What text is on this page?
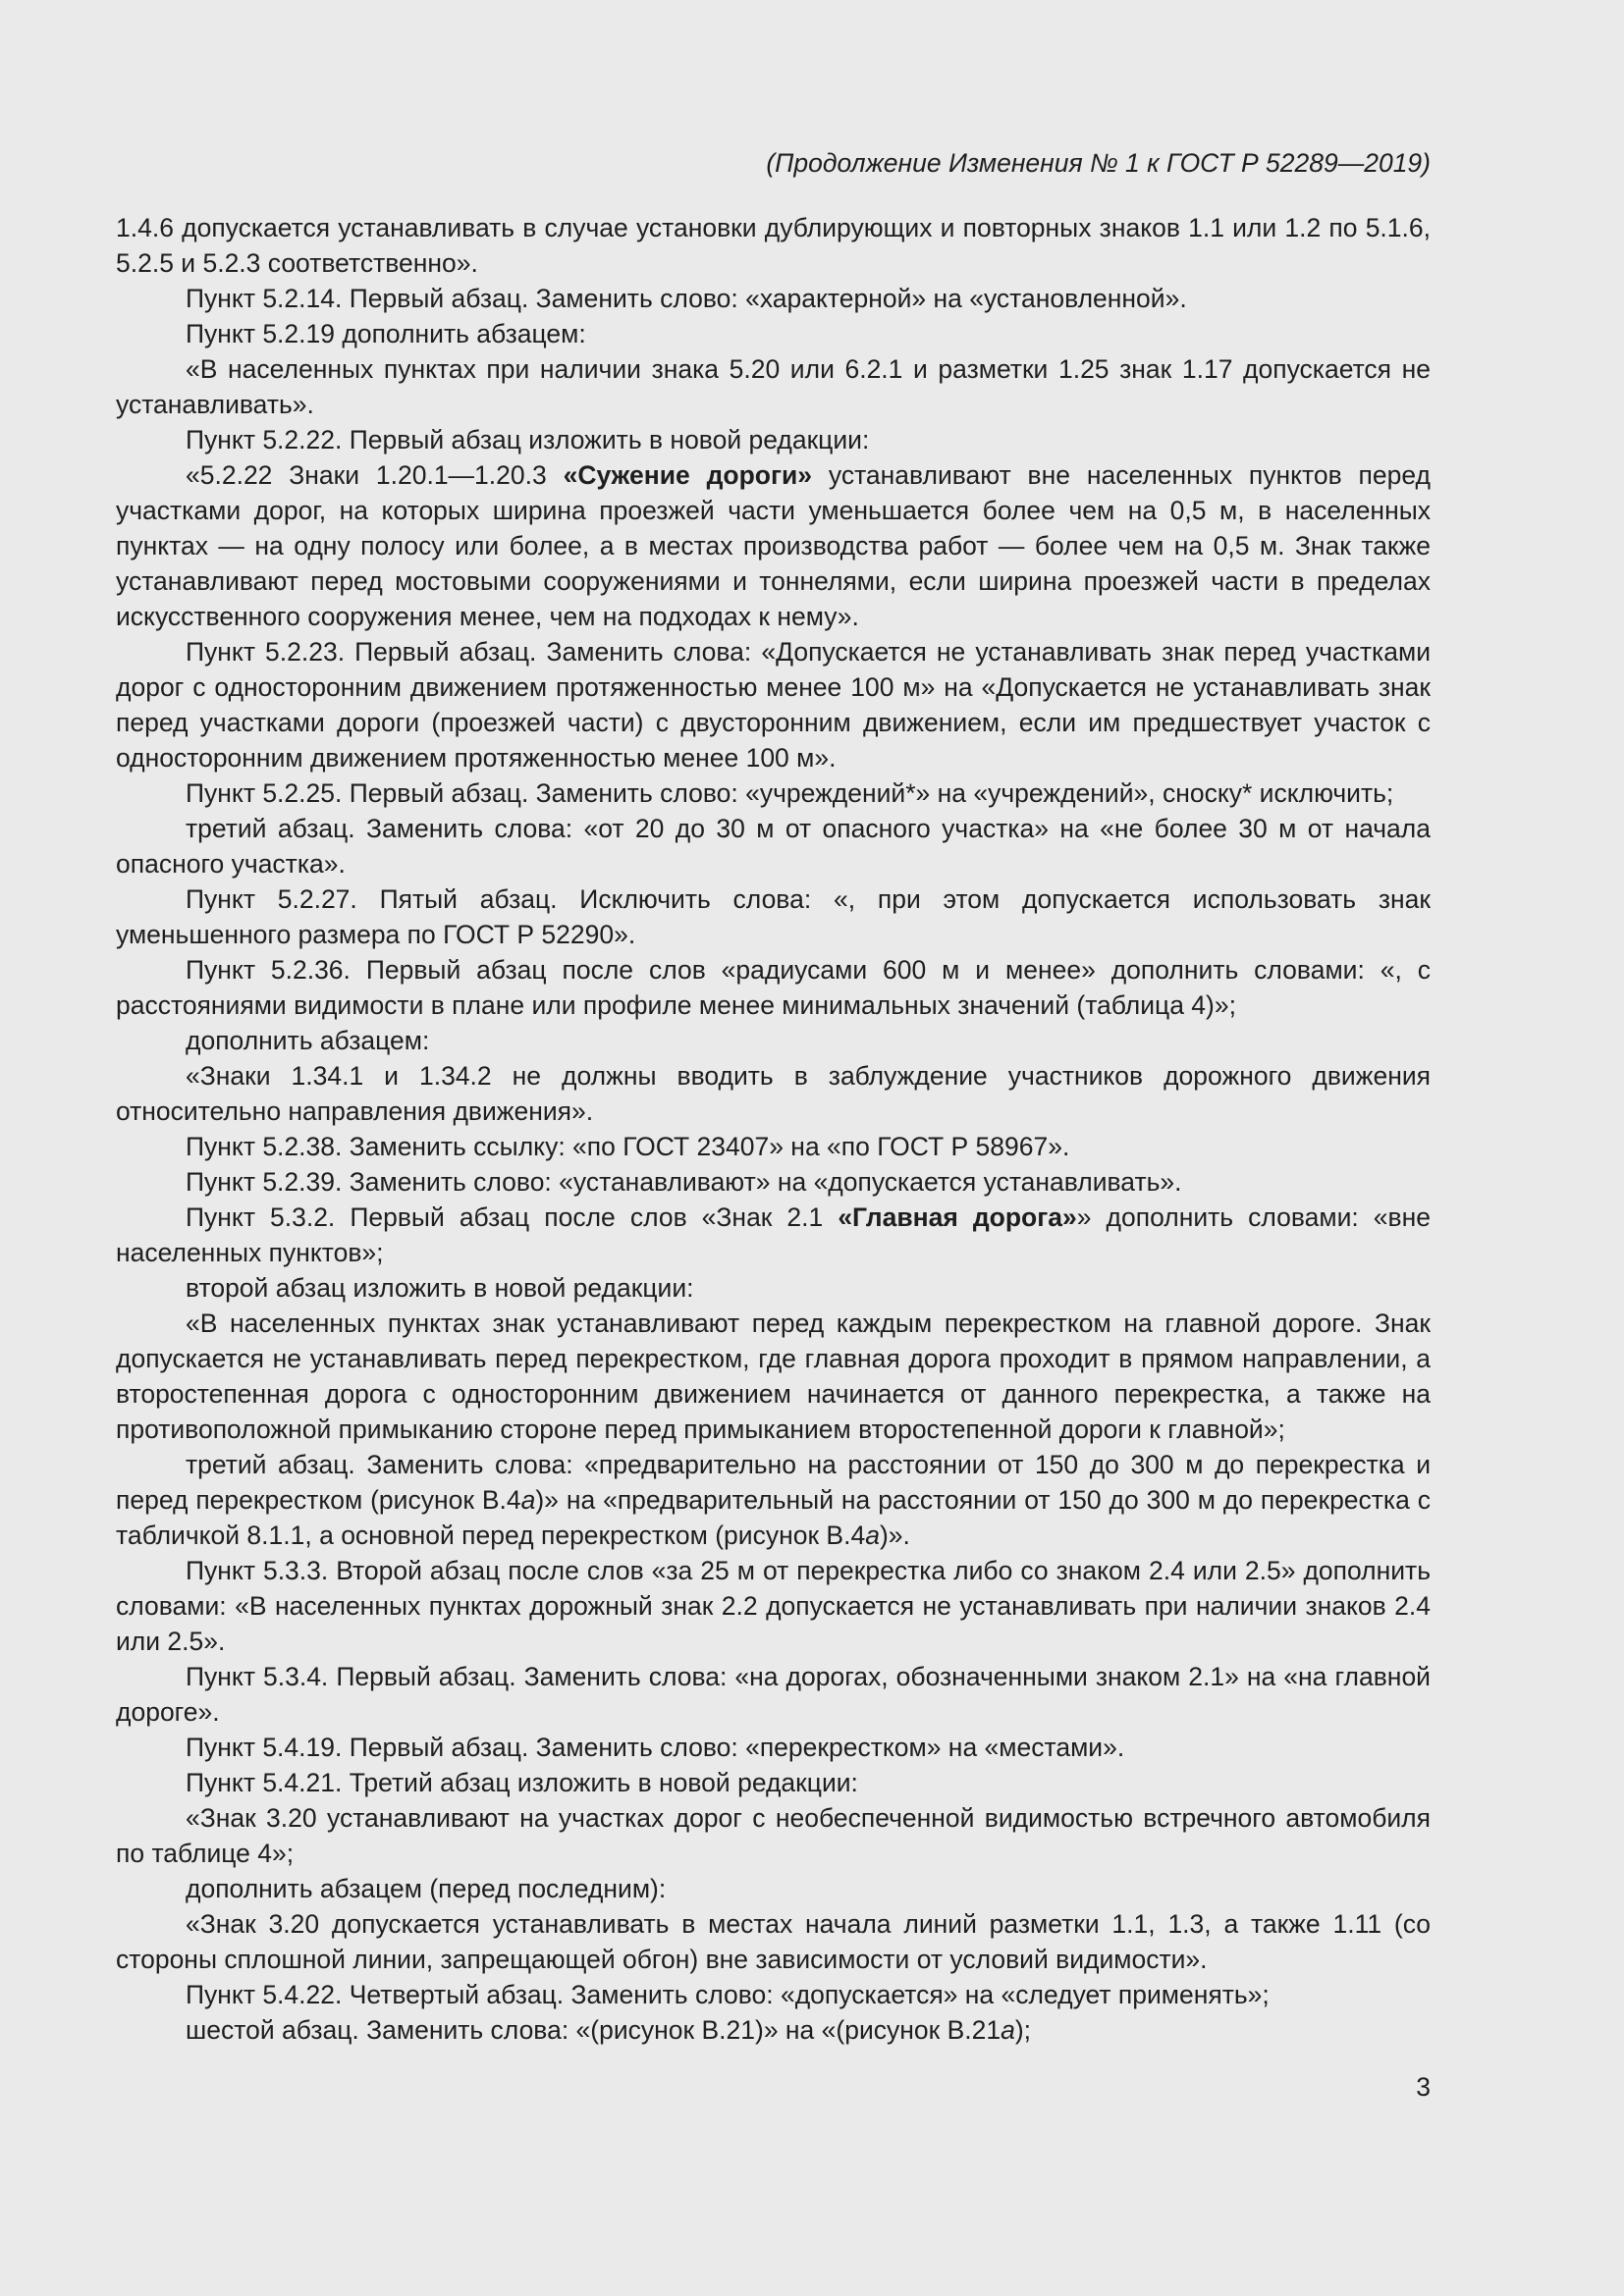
(Продолжение Изменения № 1 к ГОСТ Р 52289—2019)

1.4.6 допускается устанавливать в случае установки дублирующих и повторных знаков 1.1 или 1.2 по 5.1.6, 5.2.5 и 5.2.3 соответственно».

Пункт 5.2.14. Первый абзац. Заменить слово: «характерной» на «установленной».

Пункт 5.2.19 дополнить абзацем:

«В населенных пунктах при наличии знака 5.20 или 6.2.1 и разметки 1.25 знак 1.17 допускается не устанавливать».

Пункт 5.2.22. Первый абзац изложить в новой редакции:

«5.2.22 Знаки 1.20.1—1.20.3 «Сужение дороги» устанавливают вне населенных пунктов перед участками дорог, на которых ширина проезжей части уменьшается более чем на 0,5 м, в населенных пунктах — на одну полосу или более, а в местах производства работ — более чем на 0,5 м. Знак также устанавливают перед мостовыми сооружениями и тоннелями, если ширина проезжей части в пределах искусственного сооружения менее, чем на подходах к нему».

Пункт 5.2.23. Первый абзац. Заменить слова: «Допускается не устанавливать знак перед участками дорог с односторонним движением протяженностью менее 100 м» на «Допускается не устанавливать знак перед участками дороги (проезжей части) с двусторонним движением, если им предшествует участок с односторонним движением протяженностью менее 100 м».

Пункт 5.2.25. Первый абзац. Заменить слово: «учреждений*» на «учреждений», сноску* исключить;

третий абзац. Заменить слова: «от 20 до 30 м от опасного участка» на «не более 30 м от начала опасного участка».

Пункт 5.2.27. Пятый абзац. Исключить слова: «, при этом допускается использовать знак уменьшенного размера по ГОСТ Р 52290».

Пункт 5.2.36. Первый абзац после слов «радиусами 600 м и менее» дополнить словами: «, с расстояниями видимости в плане или профиле менее минимальных значений (таблица 4)»;

дополнить абзацем:

«Знаки 1.34.1 и 1.34.2 не должны вводить в заблуждение участников дорожного движения относительно направления движения».

Пункт 5.2.38. Заменить ссылку: «по ГОСТ 23407» на «по ГОСТ Р 58967».

Пункт 5.2.39. Заменить слово: «устанавливают» на «допускается устанавливать».

Пункт 5.3.2. Первый абзац после слов «Знак 2.1 «Главная дорога»» дополнить словами: «вне населенных пунктов»;

второй абзац изложить в новой редакции:

«В населенных пунктах знак устанавливают перед каждым перекрестком на главной дороге. Знак допускается не устанавливать перед перекрестком, где главная дорога проходит в прямом направлении, а второстепенная дорога с односторонним движением начинается от данного перекрестка, а также на противоположной примыканию стороне перед примыканием второстепенной дороги к главной»;

третий абзац. Заменить слова: «предварительно на расстоянии от 150 до 300 м до перекрестка и перед перекрестком (рисунок В.4а)» на «предварительный на расстоянии от 150 до 300 м до перекрестка с табличкой 8.1.1, а основной перед перекрестком (рисунок В.4а)».

Пункт 5.3.3. Второй абзац после слов «за 25 м от перекрестка либо со знаком 2.4 или 2.5» дополнить словами: «В населенных пунктах дорожный знак 2.2 допускается не устанавливать при наличии знаков 2.4 или 2.5».

Пункт 5.3.4. Первый абзац. Заменить слова: «на дорогах, обозначенными знаком 2.1» на «на главной дороге».

Пункт 5.4.19. Первый абзац. Заменить слово: «перекрестком» на «местами».

Пункт 5.4.21. Третий абзац изложить в новой редакции:

«Знак 3.20 устанавливают на участках дорог с необеспеченной видимостью встречного автомобиля по таблице 4»;

дополнить абзацем (перед последним):

«Знак 3.20 допускается устанавливать в местах начала линий разметки 1.1, 1.3, а также 1.11 (со стороны сплошной линии, запрещающей обгон) вне зависимости от условий видимости».

Пункт 5.4.22. Четвертый абзац. Заменить слово: «допускается» на «следует применять»;

шестой абзац. Заменить слова: «(рисунок В.21)» на «(рисунок В.21а);

3
